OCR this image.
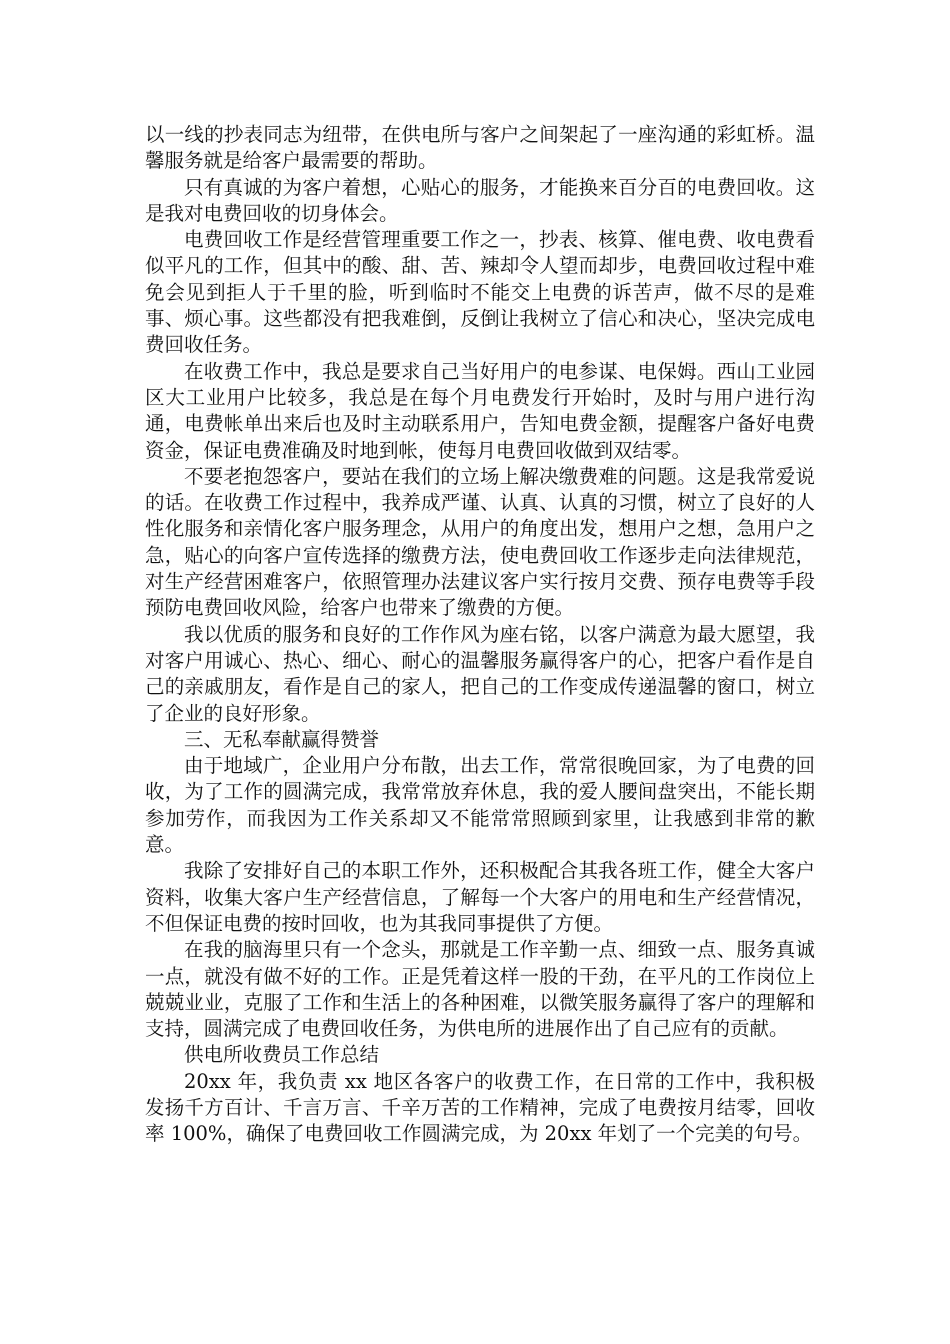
以一线的抄表同志为纽带，在供电所与客户之间架起了一座沟通的彩虹桥。温馨服务就是给客户最需要的帮助。

只有真诚的为客户着想，心贴心的服务，才能换来百分百的电费回收。这是我对电费回收的切身体会。

电费回收工作是经营管理重要工作之一，抄表、核算、催电费、收电费看似平凡的工作，但其中的酸、甜、苦、辣却令人望而却步，电费回收过程中难免会见到拒人于千里的脸，听到临时不能交上电费的诉苦声，做不尽的是难事、烦心事。这些都没有把我难倒，反倒让我树立了信心和决心，坚决完成电费回收任务。

在收费工作中，我总是要求自己当好用户的电参谋、电保姆。西山工业园区大工业用户比较多，我总是在每个月电费发行开始时，及时与用户进行沟通，电费帐单出来后也及时主动联系用户，告知电费金额，提醒客户备好电费资金，保证电费准确及时地到帐，使每月电费回收做到双结零。

不要老抱怨客户，要站在我们的立场上解决缴费难的问题。这是我常爱说的话。在收费工作过程中，我养成严谨、认真、认真的习惯，树立了良好的人性化服务和亲情化客户服务理念，从用户的角度出发，想用户之想，急用户之急，贴心的向客户宣传选择的缴费方法，使电费回收工作逐步走向法律规范，对生产经营困难客户，依照管理办法建议客户实行按月交费、预存电费等手段预防电费回收风险，给客户也带来了缴费的方便。

我以优质的服务和良好的工作作风为座右铭，以客户满意为最大愿望，我对客户用诚心、热心、细心、耐心的温馨服务赢得客户的心，把客户看作是自己的亲戚朋友，看作是自己的家人，把自己的工作变成传递温馨的窗口，树立了企业的良好形象。

三、无私奉献赢得赞誉

由于地域广，企业用户分布散，出去工作，常常很晚回家，为了电费的回收，为了工作的圆满完成，我常常放弃休息，我的爱人腰间盘突出，不能长期参加劳作，而我因为工作关系却又不能常常照顾到家里，让我感到非常的歉意。

我除了安排好自己的本职工作外，还积极配合其我各班工作，健全大客户资料，收集大客户生产经营信息，了解每一个大客户的用电和生产经营情况，不但保证电费的按时回收，也为其我同事提供了方便。

在我的脑海里只有一个念头，那就是工作辛勤一点、细致一点、服务真诚一点，就没有做不好的工作。正是凭着这样一股的干劲，在平凡的工作岗位上兢兢业业，克服了工作和生活上的各种困难，以微笑服务赢得了客户的理解和支持，圆满完成了电费回收任务，为供电所的进展作出了自己应有的贡献。

供电所收费员工作总结

20xx 年，我负责 xx 地区各客户的收费工作，在日常的工作中，我积极发扬千方百计、千言万言、千辛万苦的工作精神，完成了电费按月结零，回收率 100%，确保了电费回收工作圆满完成，为 20xx 年划了一个完美的句号。
